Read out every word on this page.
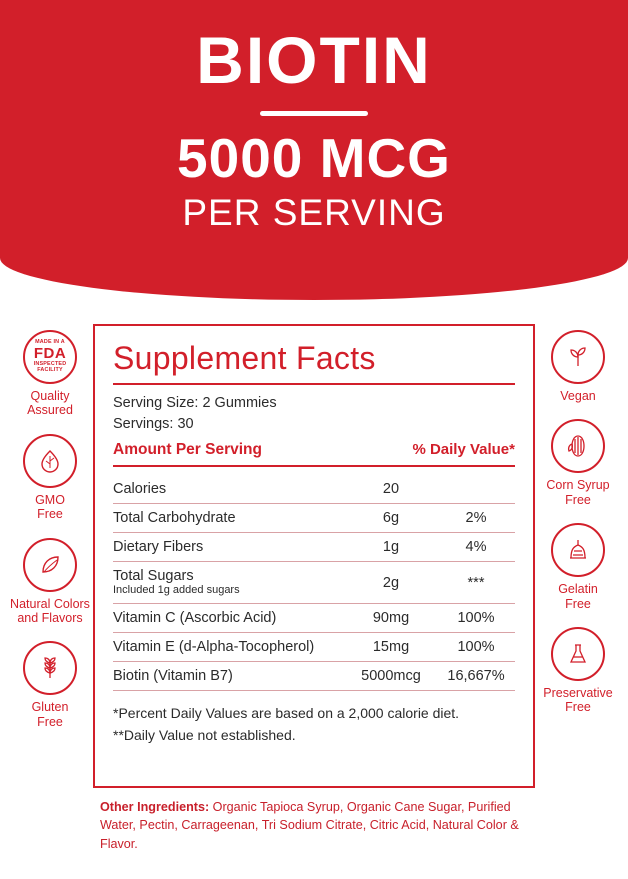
BIOTIN
5000 MCG
PER SERVING
MADE IN A
FDA
INSPECTED FACILITY
Quality
Assured
GMO
Free
Natural Colors
and Flavors
Gluten
Free
Vegan
Corn Syrup
Free
Gelatin
Free
Preservative
Free
Supplement Facts
Serving Size: 2 Gummies
Servings: 30
Amount Per Serving	% Daily Value*
Calories	20	
Total Carbohydrate	6g	2%
Dietary Fibers	1g	4%
Total Sugars
Included 1g added sugars	2g	***
Vitamin C (Ascorbic Acid)	90mg	100%
Vitamin E (d-Alpha-Tocopherol)	15mg	100%
Biotin (Vitamin B7)	5000mcg	16,667%
*Percent Daily Values are based on a 2,000 calorie diet.
**Daily Value not established.
Other Ingredients: Organic Tapioca Syrup, Organic Cane Sugar, Purified Water, Pectin, Carrageenan, Tri Sodium Citrate, Citric Acid, Natural Color & Flavor.
